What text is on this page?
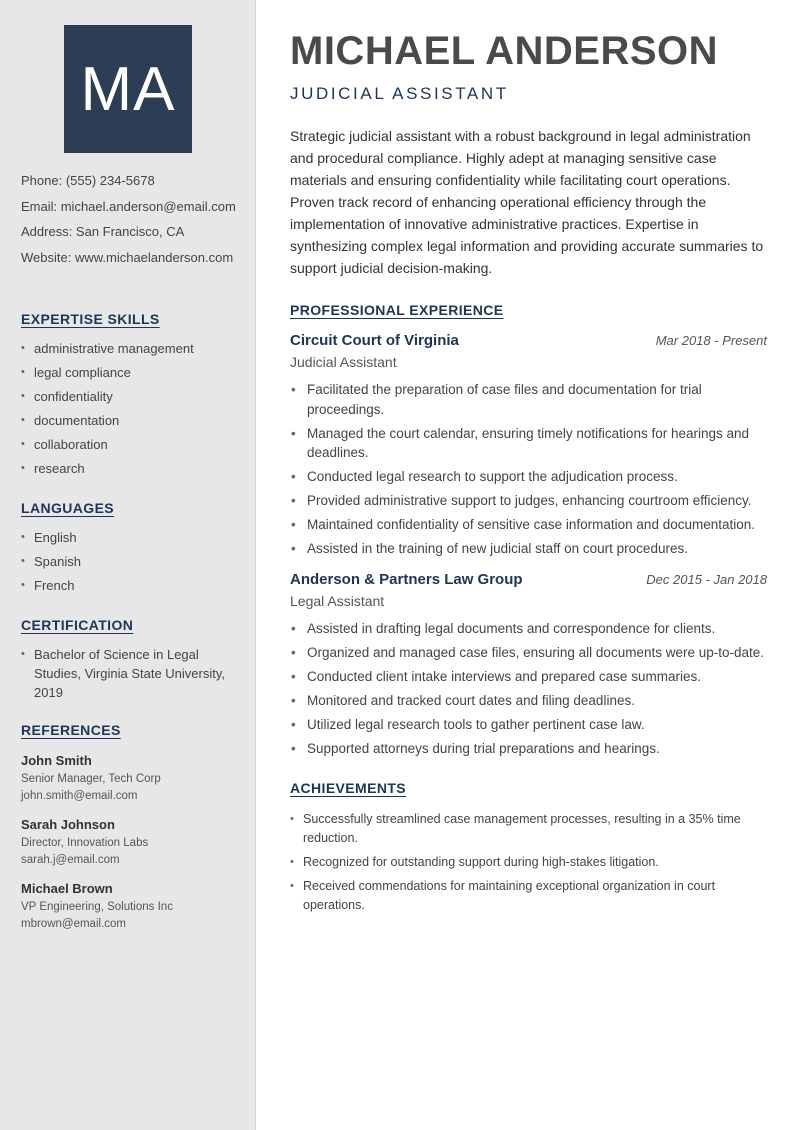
MA
Phone: (555) 234-5678
Email: michael.anderson@email.com
Address: San Francisco, CA
Website: www.michaelanderson.com
EXPERTISE SKILLS
• administrative management
• legal compliance
• confidentiality
• documentation
• collaboration
• research
LANGUAGES
• English
• Spanish
• French
CERTIFICATION
• Bachelor of Science in Legal Studies, Virginia State University, 2019
REFERENCES
John Smith
Senior Manager, Tech Corp
john.smith@email.com
Sarah Johnson
Director, Innovation Labs
sarah.j@email.com
Michael Brown
VP Engineering, Solutions Inc
mbrown@email.com
MICHAEL ANDERSON
JUDICIAL ASSISTANT
Strategic judicial assistant with a robust background in legal administration and procedural compliance. Highly adept at managing sensitive case materials and ensuring confidentiality while facilitating court operations. Proven track record of enhancing operational efficiency through the implementation of innovative administrative practices. Expertise in synthesizing complex legal information and providing accurate summaries to support judicial decision-making.
PROFESSIONAL EXPERIENCE
Circuit Court of Virginia	Mar 2018 - Present
Judicial Assistant
• Facilitated the preparation of case files and documentation for trial proceedings.
• Managed the court calendar, ensuring timely notifications for hearings and deadlines.
• Conducted legal research to support the adjudication process.
• Provided administrative support to judges, enhancing courtroom efficiency.
• Maintained confidentiality of sensitive case information and documentation.
• Assisted in the training of new judicial staff on court procedures.
Anderson & Partners Law Group	Dec 2015 - Jan 2018
Legal Assistant
• Assisted in drafting legal documents and correspondence for clients.
• Organized and managed case files, ensuring all documents were up-to-date.
• Conducted client intake interviews and prepared case summaries.
• Monitored and tracked court dates and filing deadlines.
• Utilized legal research tools to gather pertinent case law.
• Supported attorneys during trial preparations and hearings.
ACHIEVEMENTS
• Successfully streamlined case management processes, resulting in a 35% time reduction.
• Recognized for outstanding support during high-stakes litigation.
• Received commendations for maintaining exceptional organization in court operations.
